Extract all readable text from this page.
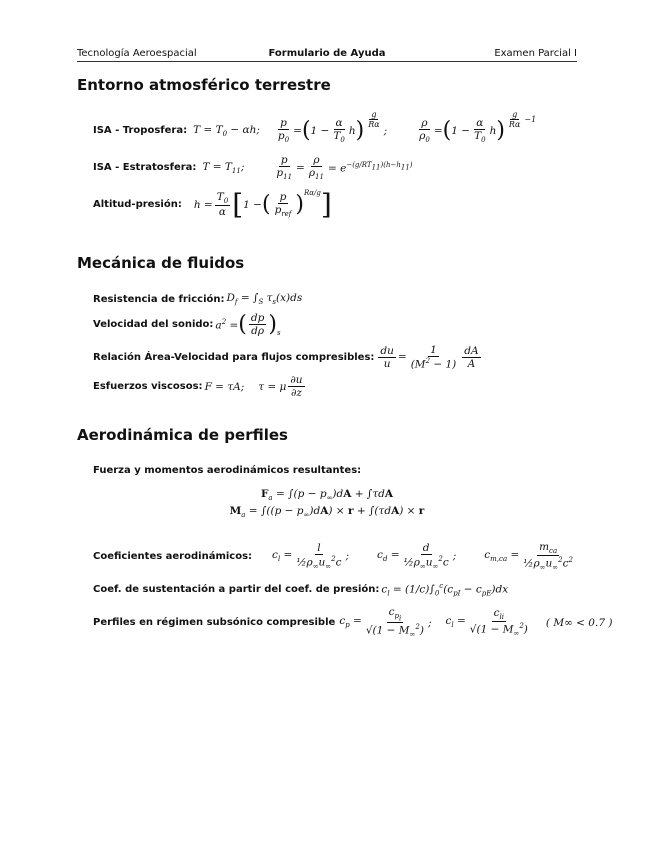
Tecnología Aeroespacial	Formulario de Ayuda	Examen Parcial I
Entorno atmosférico terrestre
ISA - Troposfera: $T = T_0 - \alpha h$; $\frac{p}{p_0}$ = ( $1 - \frac{\alpha}{T_0}$ h ) $\frac{g}{R\alpha}$
;	$\frac{\rho}{\rho_0}$ = ( $1 - \frac{\alpha}{T_0}$ h ) $\frac{g}{R\alpha} -1$
ISA - Estratosfera: $T = T_{11}$;	$\frac{p}{p_{11}} = \frac{\rho}{\rho_{11}} = e^{-(g/RT11)(h-h11)}$
Altitud-presión: $h = \frac{T_0}{\alpha}$ [ 1 − ( $\frac{p}{p_{ref}}$ ) Rα/g ]
Mecánica de fluidos
Resistencia de fricción: $D_f = \int_S$ $\tau_s(x)ds$
Velocidad del sonido: $a^2$ = ( $\frac{dp}{d\rho}$ ) s
Relación Área-Velocidad para flujos compresibles: $\frac{du}{u} = \frac{1}{(M^2 - 1)} \frac{dA}{A}$
Esfuerzos viscosos: F = τA; τ = μ $\frac{\partial u}{\partial z}$
Aerodinámica de perfiles
Fuerza y momentos aerodinámicos resultantes:
$F_a = \int(p - p_\infty)dA + \int\tau dA$
$M_a = \int((p - p_\infty)dA) \times r + \int(\tau dA) \times r$
Coeficientes aerodinámicos: $c_l = \frac{l}{\frac{1}{2}\rho_\infty u_\infty^2c}$ ;	$c_d = \frac{d}{\frac{1}{2}\rho_\infty u_\infty^2c}$ ;	$c_{m,ca} = \frac{m_{ca}}{\frac{1}{2}\rho_\infty u_\infty^2c^2}$
Coef. de sustentación a partir del coef. de presión: $c_l = (1/c)\int_0^c(c_{pI} - c_{pE})dx$
Perfiles en régimen subsónico compresible $c_p = \frac{c_{pi}}{√(1 - M_\infty^2)}$ ; $c_l = \frac{c_{li}}{√(1 - M_\infty^2)}$ ( M∞ < 0.7 )
